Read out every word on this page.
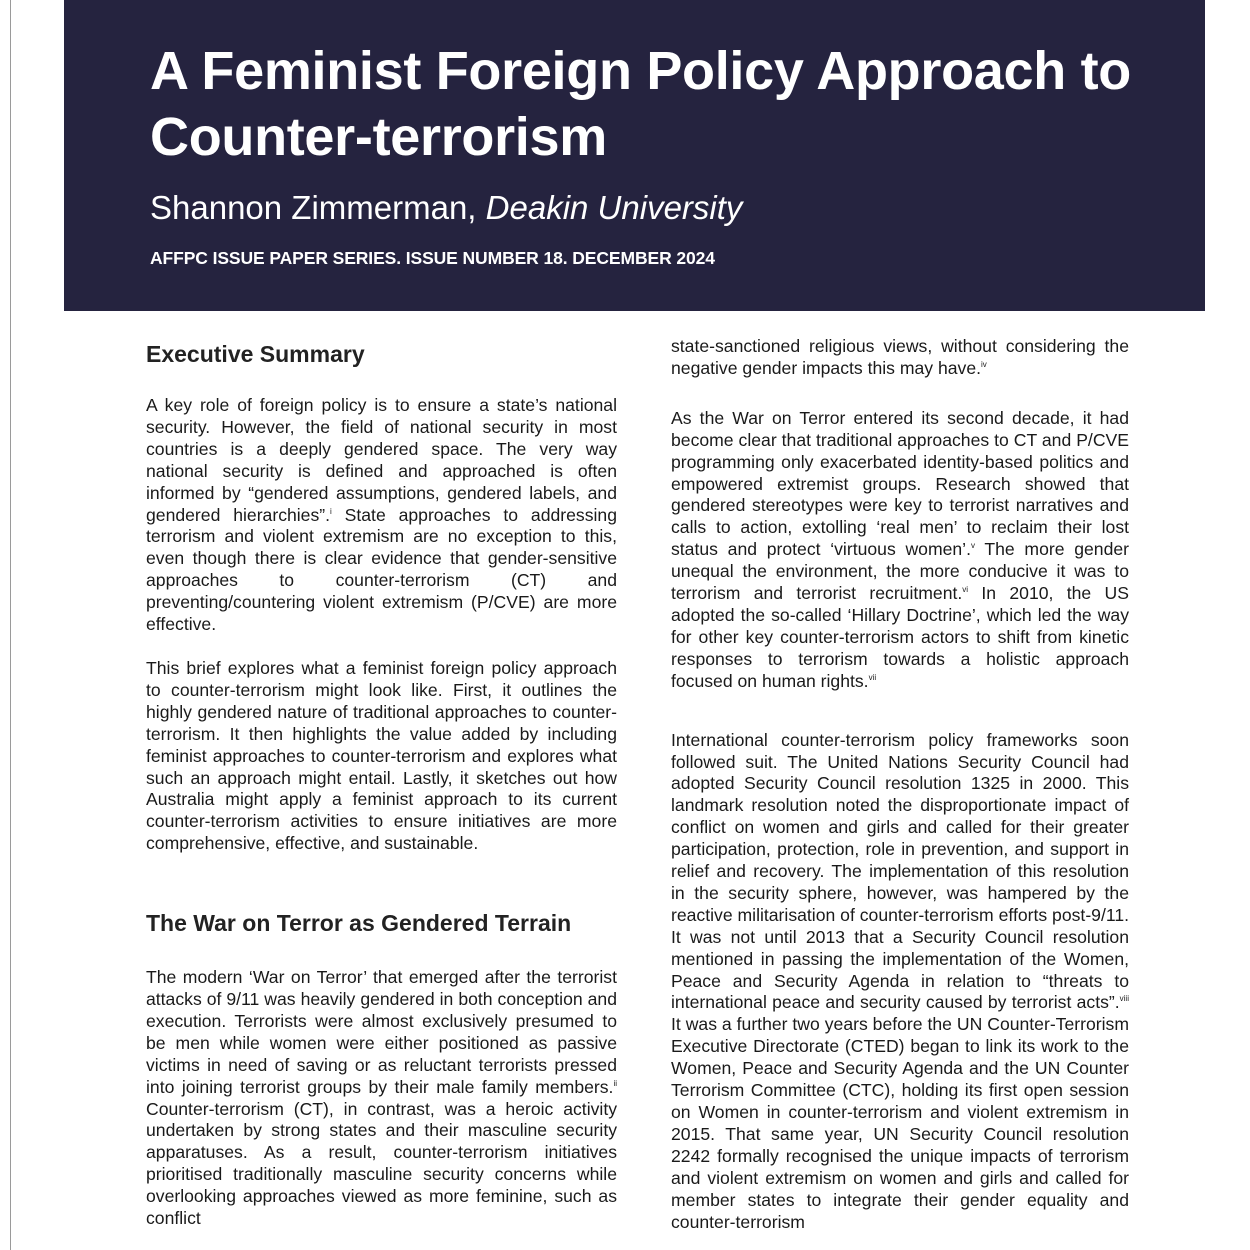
A Feminist Foreign Policy Approach to Counter-terrorism
Shannon Zimmerman, Deakin University
AFFPC ISSUE PAPER SERIES. ISSUE NUMBER 18. DECEMBER 2024
Executive Summary

A key role of foreign policy is to ensure a state’s national security. However, the field of national security in most countries is a deeply gendered space. The very way national security is defined and approached is often informed by “gendered assumptions, gendered labels, and gendered hierarchies”.$^i$ State approaches to addressing terrorism and violent extremism are no exception to this, even though there is clear evidence that gender-sensitive approaches to counter-terrorism (CT) and preventing/countering violent extremism (P/CVE) are more effective.

This brief explores what a feminist foreign policy approach to counter-terrorism might look like. First, it outlines the highly gendered nature of traditional approaches to counter-terrorism. It then highlights the value added by including feminist approaches to counter-terrorism and explores what such an approach might entail. Lastly, it sketches out how Australia might apply a feminist approach to its current counter-terrorism activities to ensure initiatives are more comprehensive, effective, and sustainable.

The War on Terror as Gendered Terrain

The modern ‘War on Terror’ that emerged after the terrorist attacks of 9/11 was heavily gendered in both conception and execution. Terrorists were almost exclusively presumed to be men while women were either positioned as passive victims in need of saving or as reluctant terrorists pressed into joining terrorist groups by their male family members.$^{ii}$ Counter-terrorism (CT), in contrast, was a heroic activity undertaken by strong states and their masculine security apparatuses. As a result, counter-terrorism initiatives prioritised traditionally masculine security concerns while overlooking approaches viewed as more feminine, such as conflict

state-sanctioned religious views, without considering the negative gender impacts this may have.$^{iv}$

As the War on Terror entered its second decade, it had become clear that traditional approaches to CT and P/CVE programming only exacerbated identity-based politics and empowered extremist groups. Research showed that gendered stereotypes were key to terrorist narratives and calls to action, extolling ‘real men’ to reclaim their lost status and protect ‘virtuous women’.$^v$ The more gender unequal the environment, the more conducive it was to terrorism and terrorist recruitment.$^{vi}$ In 2010, the US adopted the so-called ‘Hillary Doctrine’, which led the way for other key counter-terrorism actors to shift from kinetic responses to terrorism towards a holistic approach focused on human rights.$^{vii}$

International counter-terrorism policy frameworks soon followed suit. The United Nations Security Council had adopted Security Council resolution 1325 in 2000. This landmark resolution noted the disproportionate impact of conflict on women and girls and called for their greater participation, protection, role in prevention, and support in relief and recovery. The implementation of this resolution in the security sphere, however, was hampered by the reactive militarisation of counter-terrorism efforts post-9/11. It was not until 2013 that a Security Council resolution mentioned in passing the implementation of the Women, Peace and Security Agenda in relation to “threats to international peace and security caused by terrorist acts”.$^{viii}$ It was a further two years before the UN Counter-Terrorism Executive Directorate (CTED) began to link its work to the Women, Peace and Security Agenda and the UN Counter Terrorism Committee (CTC), holding its first open session on Women in counter-terrorism and violent extremism in 2015. That same year, UN Security Council resolution 2242 formally recognised the unique impacts of terrorism and violent extremism on women and girls and called for member states to integrate their gender equality and counter-terrorism
